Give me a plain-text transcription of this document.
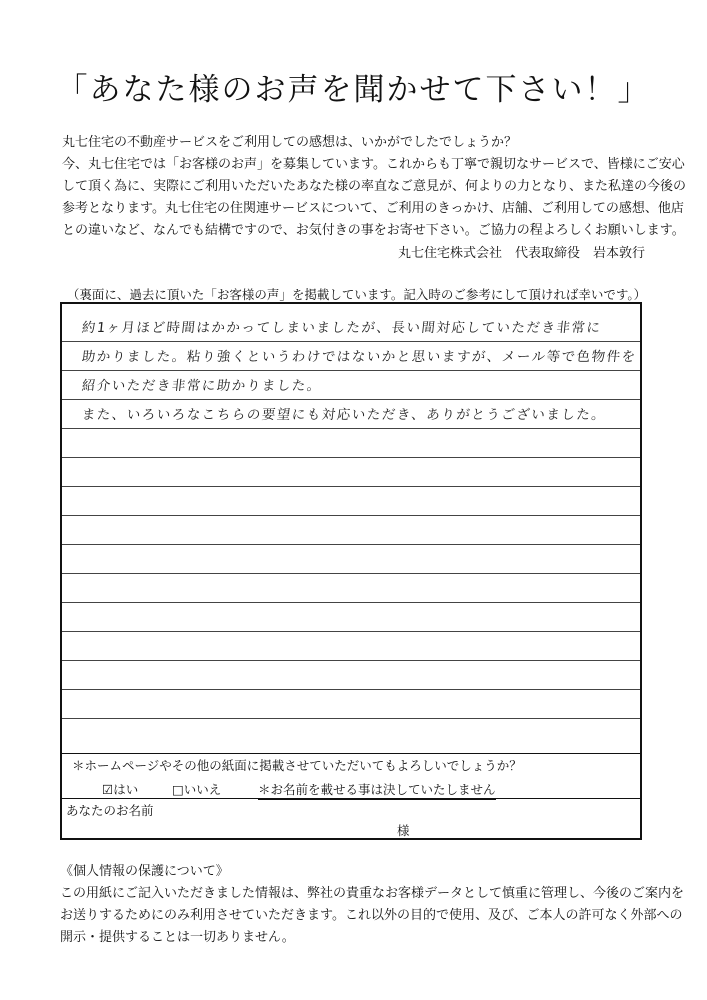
「あなた様のお声を聞かせて下さい！」

丸七住宅の不動産サービスをご利用しての感想は、いかがでしたでしょうか？

今、丸七住宅では「お客様のお声」を募集しています。これからも丁寧で親切なサービスで、皆様にご安心

して頂く為に、実際にご利用いただいたあなた様の率直なご意見が、何よりの力となり、また私達の今後の

参考となります。丸七住宅の住関連サービスについて、ご利用のきっかけ、店舗、ご利用しての感想、他店

との違いなど、なんでも結構ですので、お気付きの事をお寄せ下さい。ご協力の程よろしくお願いします。

丸七住宅株式会社　代表取締役　岩本敦行
（裏面に、過去に頂いた「お客様の声」を掲載しています。記入時のご参考にして頂ければ幸いです。）
約1ヶ月ほど時間はかかってしまいましたが、長い間対応していただき非常に
助かりました。粘り強くというわけではないかと思いますが、メール等で色物件を
紹介いただき非常に助かりました。
また、いろいろなこちらの要望にも対応いただき、ありがとうございました。
＊ホームページやその他の紙面に掲載させていただいてもよろしいでしょうか？
☑はい	□いいえ	＊お名前を載せる事は決していたしません
あなたのお名前
様
《個人情報の保護について》

この用紙にご記入いただきました情報は、弊社の貴重なお客様データとして慎重に管理し、今後のご案内を

お送りするためにのみ利用させていただきます。これ以外の目的で使用、及び、ご本人の許可なく外部への

開示・提供することは一切ありません。
